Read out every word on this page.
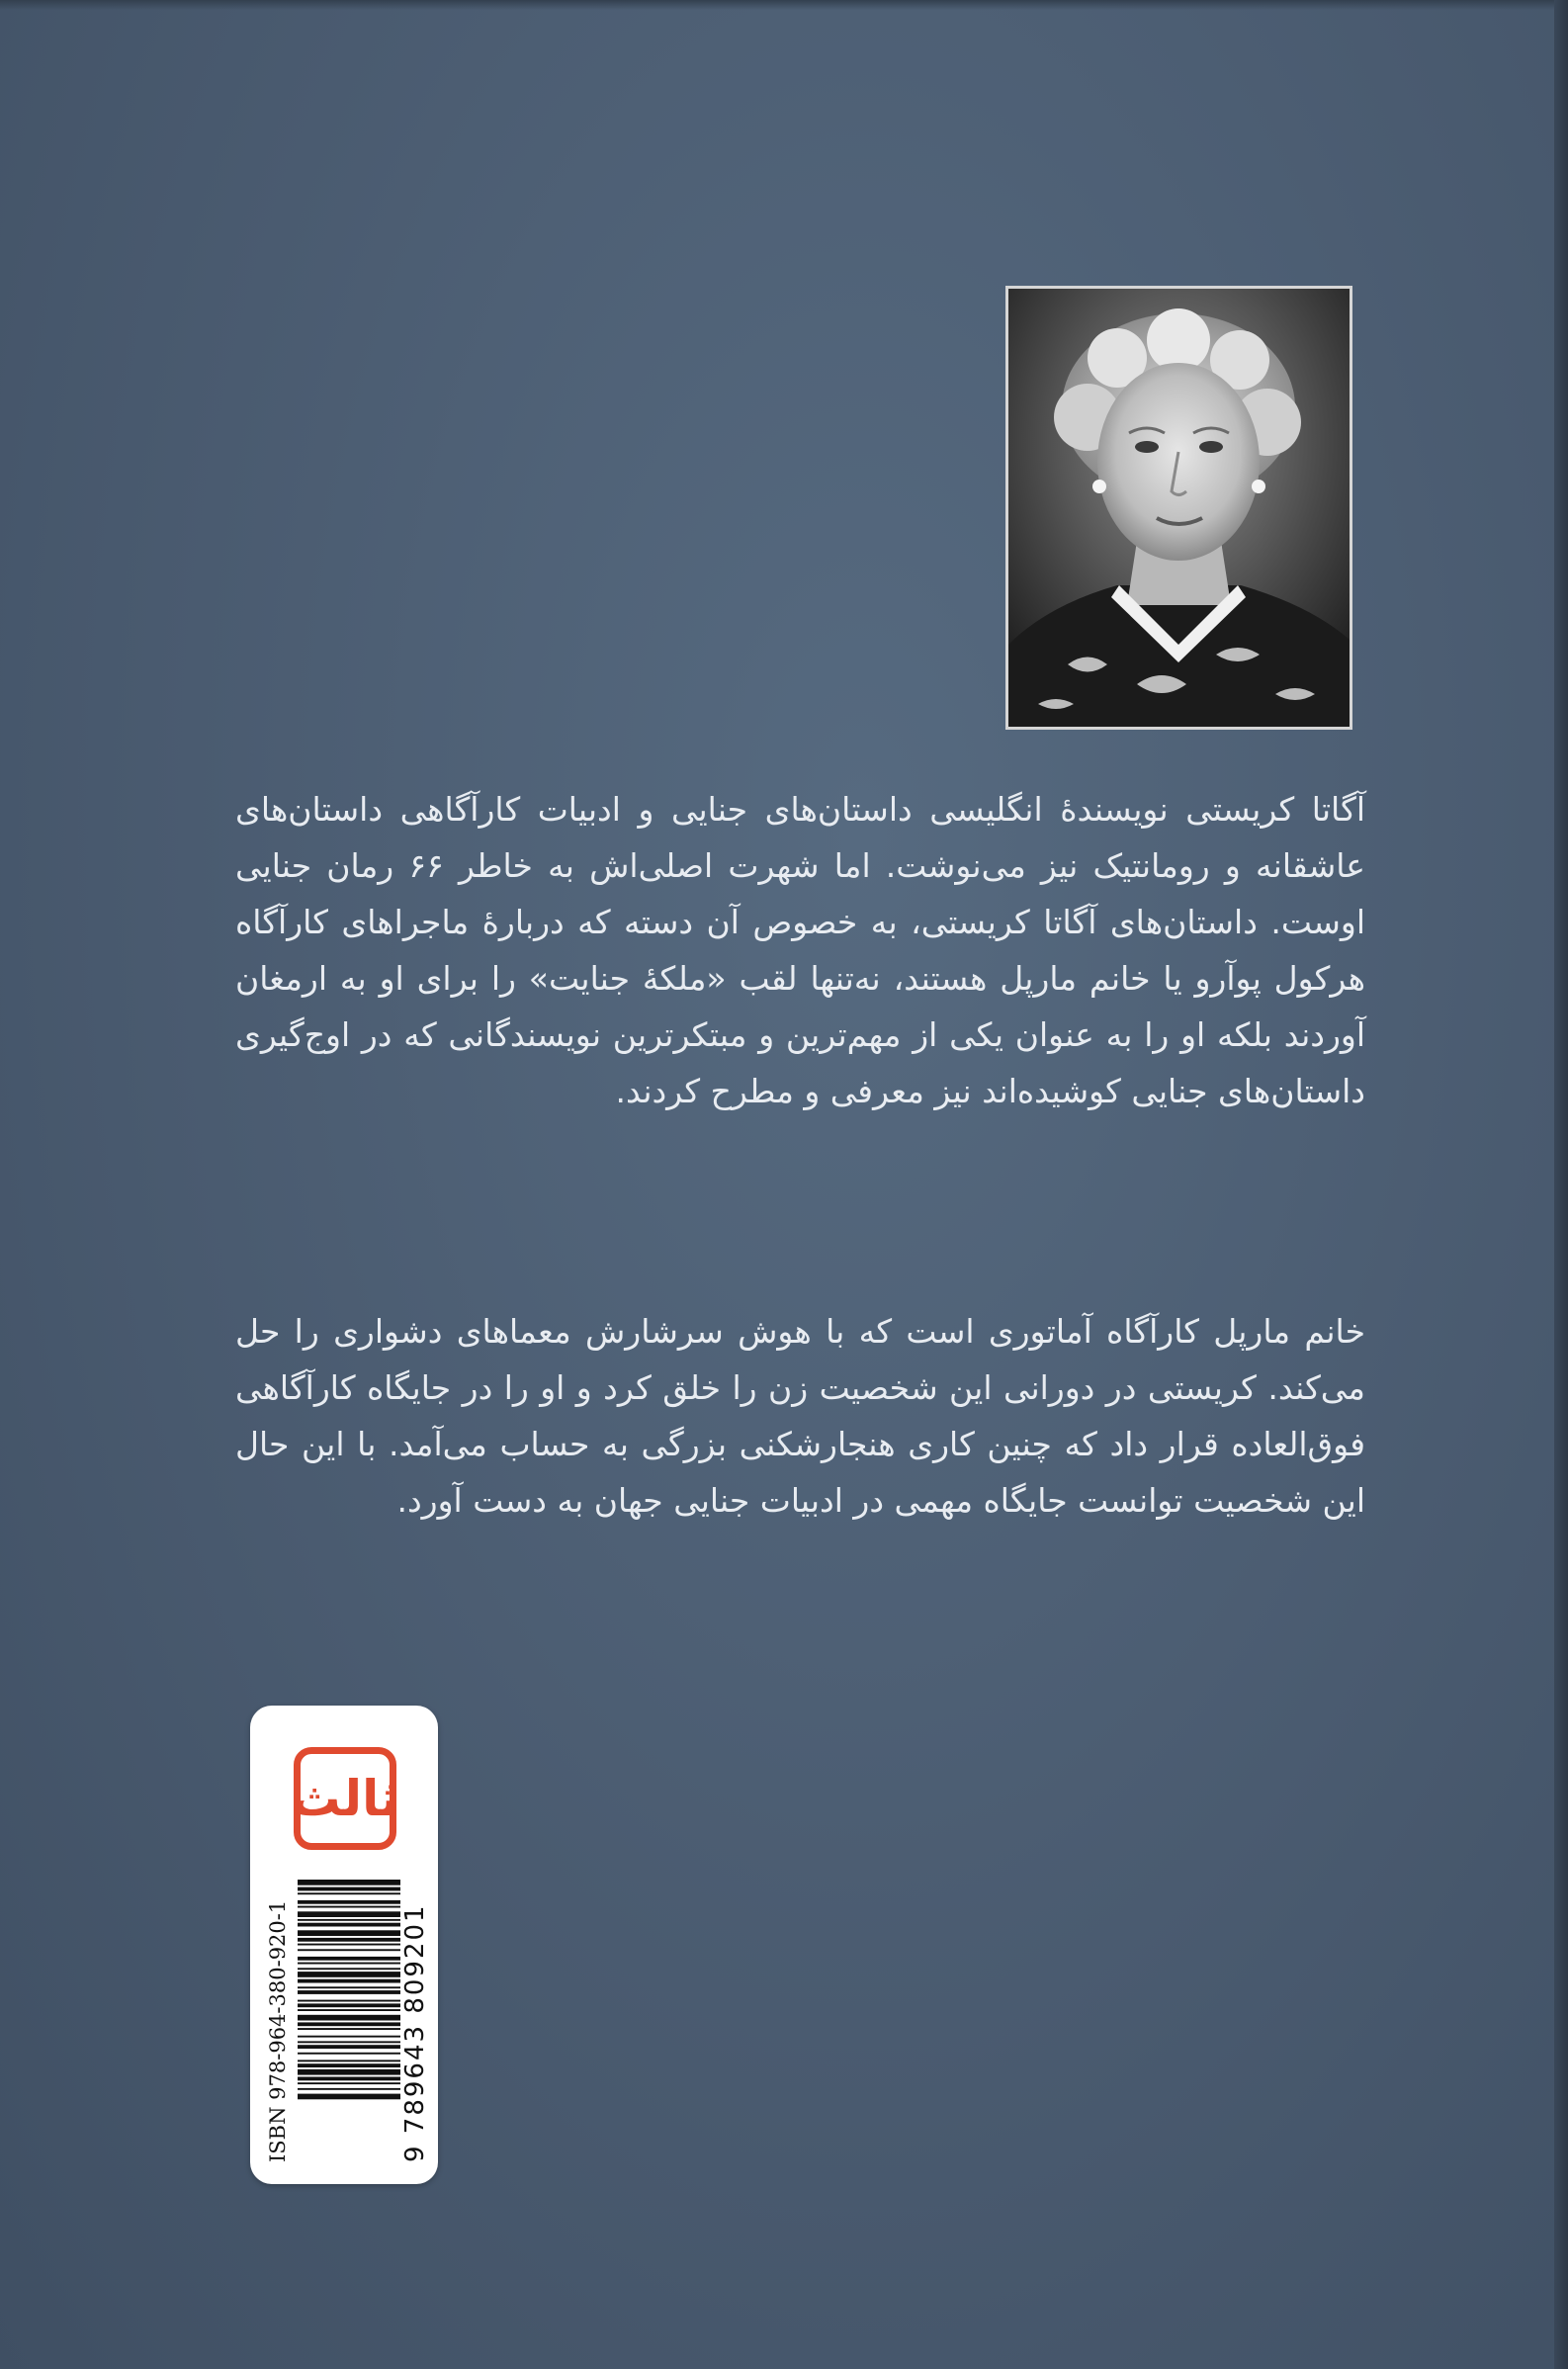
آگاتا کریستی نویسندهٔ انگلیسی داستان‌های جنایی و ادبیات کارآگاهی داستان‌های عاشقانه و رومانتیک نیز می‌نوشت. اما شهرت اصلی‌اش به خاطر ۶۶ رمان جنایی اوست. داستان‌های آگاتا کریستی، به خصوص آن دسته که دربارهٔ ماجراهای کارآگاه هرکول پوآرو یا خانم مارپل هستند، نه‌تنها لقب «ملکهٔ جنایت» را برای او به ارمغان آوردند بلکه او را به عنوان یکی از مهم‌ترین و مبتکرترین نویسندگانی که در اوج‌گیری داستان‌های جنایی کوشیده‌اند نیز معرفی و مطرح کردند.

خانم مارپل کارآگاه آماتوری است که با هوش سرشارش معماهای دشواری را حل می‌کند. کریستی در دورانی این شخصیت زن را خلق کرد و او را در جایگاه کارآگاهی فوق‌العاده قرار داد که چنین کاری هنجارشکنی بزرگی به حساب می‌آمد. با این حال این شخصیت توانست جایگاه مهمی در ادبیات جنایی جهان به دست آورد.

ثالث
ISBN 978-964-380-920-1	9 789643 809201
